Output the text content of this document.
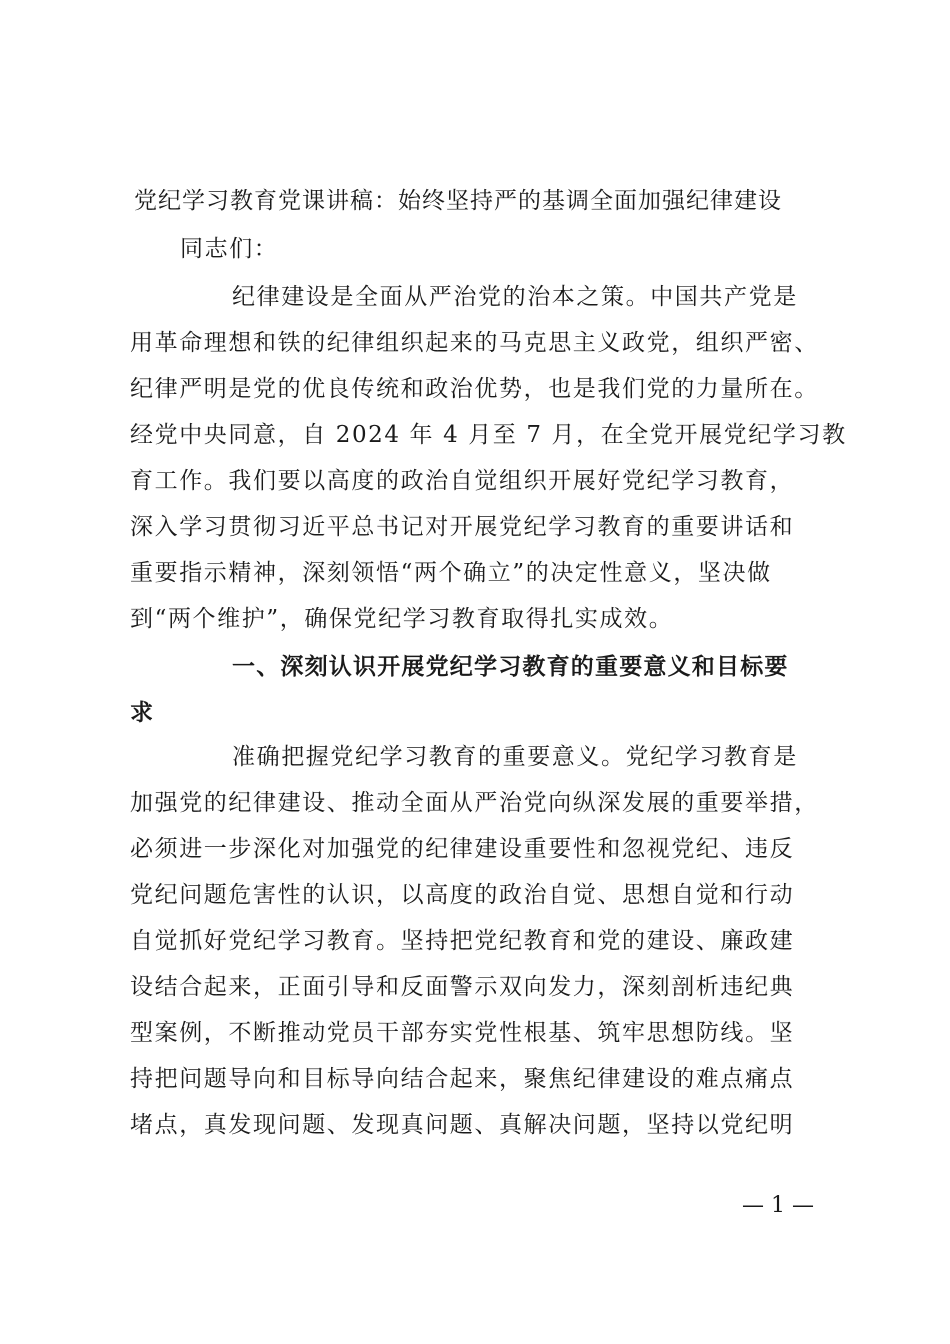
党纪学习教育党课讲稿：始终坚持严的基调全面加强纪律建设
同志们：
纪律建设是全面从严治党的治本之策。中国共产党是
用革命理想和铁的纪律组织起来的马克思主义政党，组织严密、
纪律严明是党的优良传统和政治优势，也是我们党的力量所在。
经党中央同意，自 2024 年 4 月至 7 月，在全党开展党纪学习教
育工作。我们要以高度的政治自觉组织开展好党纪学习教育，
深入学习贯彻习近平总书记对开展党纪学习教育的重要讲话和
重要指示精神，深刻领悟“两个确立”的决定性意义，坚决做
到“两个维护”，确保党纪学习教育取得扎实成效。
一、深刻认识开展党纪学习教育的重要意义和目标要
求
准确把握党纪学习教育的重要意义。党纪学习教育是
加强党的纪律建设、推动全面从严治党向纵深发展的重要举措，
必须进一步深化对加强党的纪律建设重要性和忽视党纪、违反
党纪问题危害性的认识，以高度的政治自觉、思想自觉和行动
自觉抓好党纪学习教育。坚持把党纪教育和党的建设、廉政建
设结合起来，正面引导和反面警示双向发力，深刻剖析违纪典
型案例，不断推动党员干部夯实党性根基、筑牢思想防线。坚
持把问题导向和目标导向结合起来，聚焦纪律建设的难点痛点
堵点，真发现问题、发现真问题、真解决问题，坚持以党纪明
— 1 —
